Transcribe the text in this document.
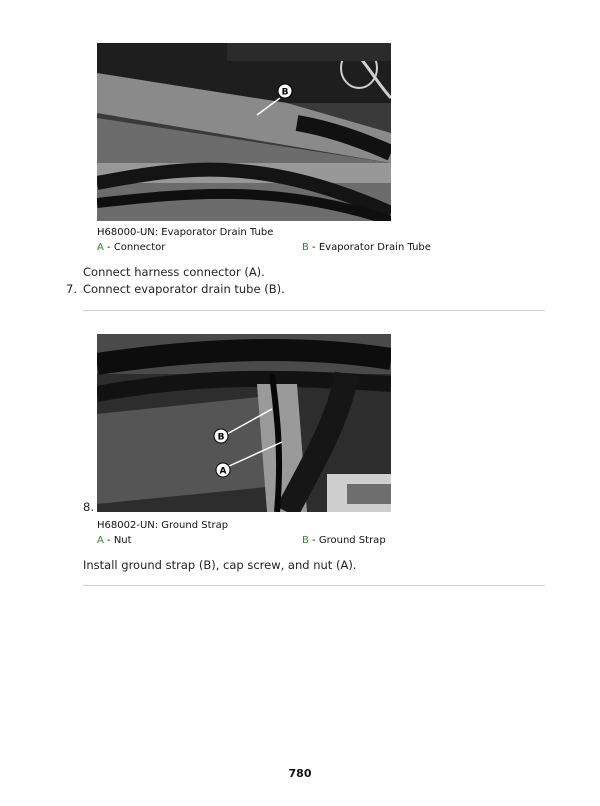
B
H68000-UN: Evaporator Drain Tube
A - Connector	B - Evaporator Drain Tube
Connect harness connector (A).
7. Connect evaporator drain tube (B).
B
A
8.
H68002-UN: Ground Strap
A - Nut	B - Ground Strap
Install ground strap (B), cap screw, and nut (A).
780
